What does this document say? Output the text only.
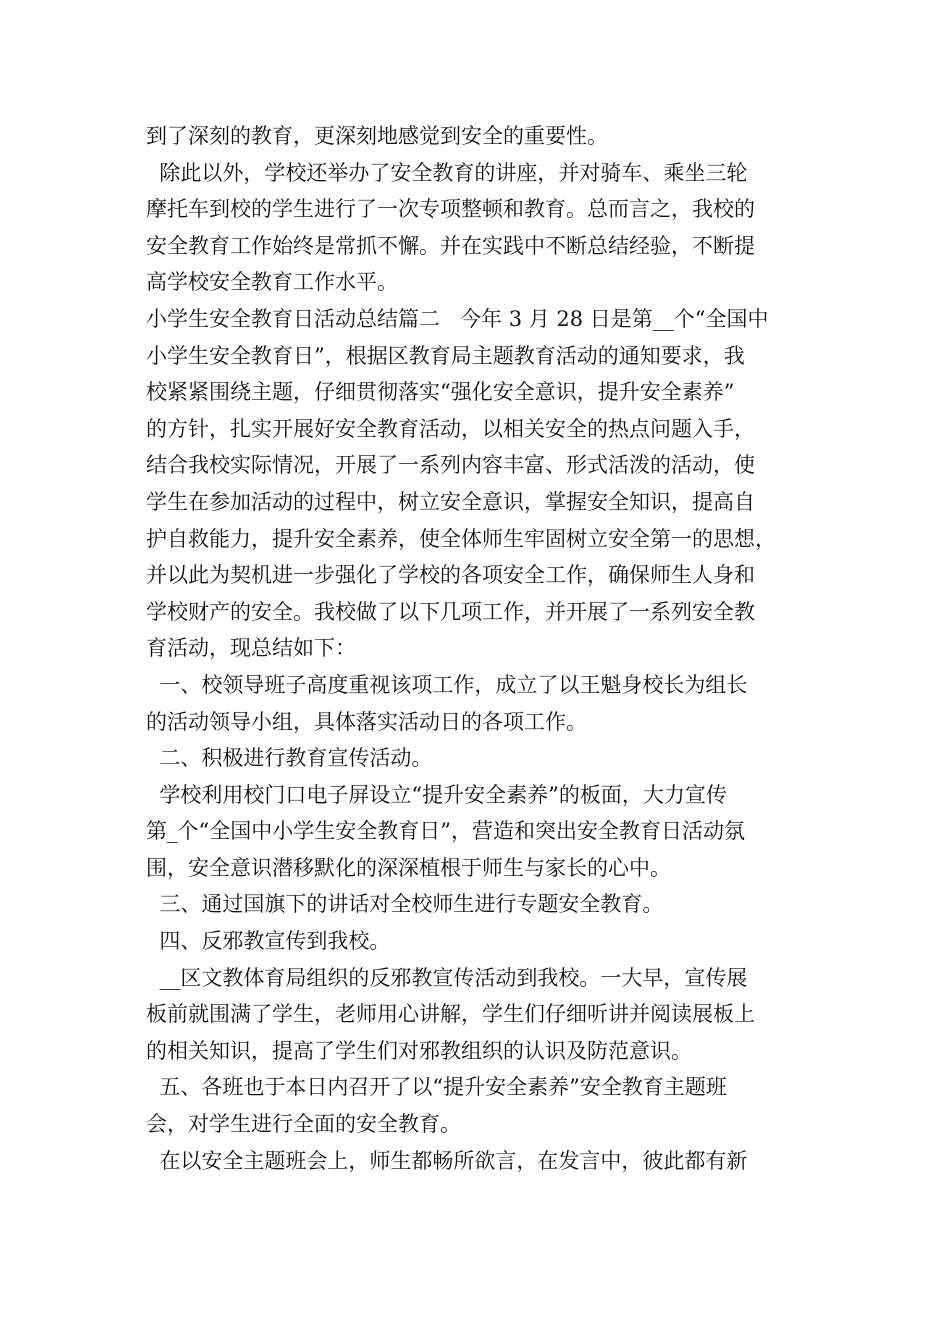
到了深刻的教育，更深刻地感觉到安全的重要性。
除此以外，学校还举办了安全教育的讲座，并对骑车、乘坐三轮
摩托车到校的学生进行了一次专项整顿和教育。总而言之，我校的
安全教育工作始终是常抓不懈。并在实践中不断总结经验，不断提
高学校安全教育工作水平。
小学生安全教育日活动总结篇二   今年 3 月 28 日是第__个“全国中
小学生安全教育日”，根据区教育局主题教育活动的通知要求，我
校紧紧围绕主题，仔细贯彻落实“强化安全意识，提升安全素养”
的方针，扎实开展好安全教育活动，以相关安全的热点问题入手，
结合我校实际情况，开展了一系列内容丰富、形式活泼的活动，使
学生在参加活动的过程中，树立安全意识，掌握安全知识，提高自
护自救能力，提升安全素养，使全体师生牢固树立安全第一的思想，
并以此为契机进一步强化了学校的各项安全工作，确保师生人身和
学校财产的安全。我校做了以下几项工作，并开展了一系列安全教
育活动，现总结如下：
一、校领导班子高度重视该项工作，成立了以王魁身校长为组长
的活动领导小组，具体落实活动日的各项工作。
二、积极进行教育宣传活动。
学校利用校门口电子屏设立“提升安全素养”的板面，大力宣传
第_个“全国中小学生安全教育日”，营造和突出安全教育日活动氛
围，安全意识潜移默化的深深植根于师生与家长的心中。
三、通过国旗下的讲话对全校师生进行专题安全教育。
四、反邪教宣传到我校。
__区文教体育局组织的反邪教宣传活动到我校。一大早，宣传展
板前就围满了学生，老师用心讲解，学生们仔细听讲并阅读展板上
的相关知识，提高了学生们对邪教组织的认识及防范意识。
五、各班也于本日内召开了以“提升安全素养”安全教育主题班
会，对学生进行全面的安全教育。
在以安全主题班会上，师生都畅所欲言，在发言中，彼此都有新
